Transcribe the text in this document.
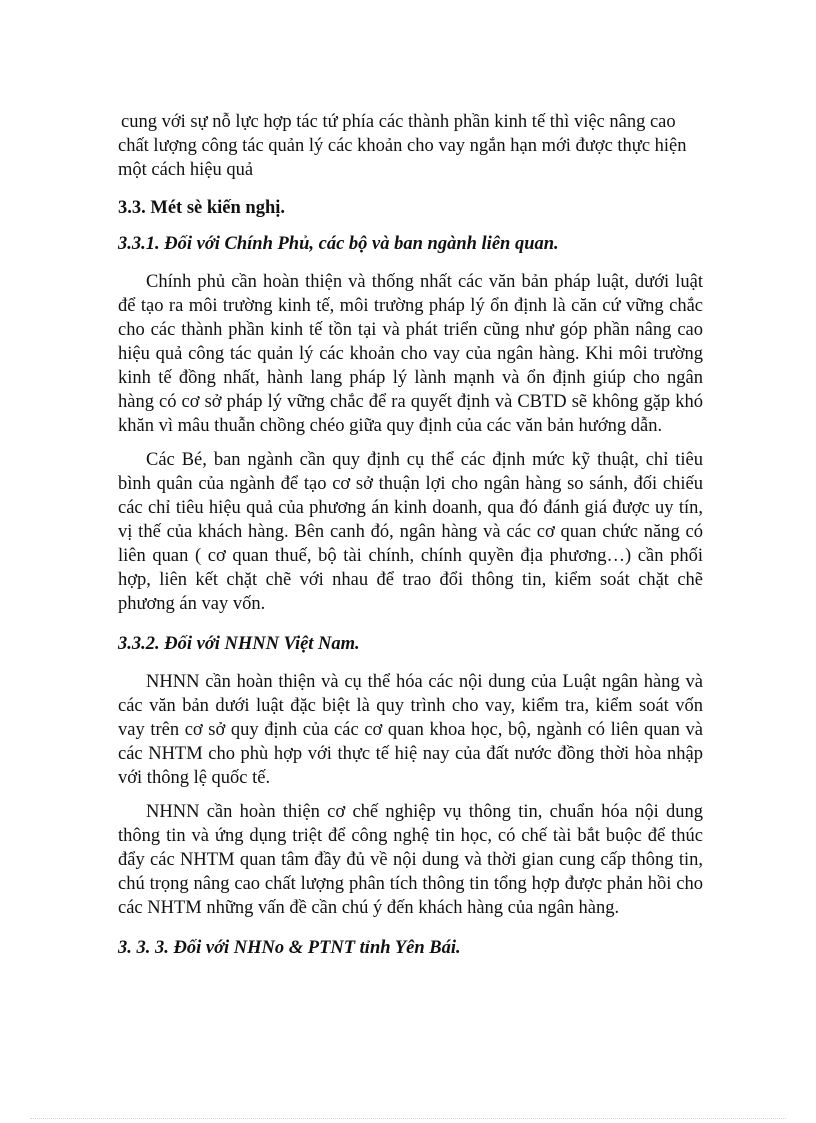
cung với sự nỗ lực hợp tác tứ phía các thành phần kinh tế thì việc nâng cao chất lượng công tác quản lý các khoản cho vay ngắn hạn mới được thực hiện một cách hiệu quả

3.3. Mét sè kiến nghị.
3.3.1. Đối với Chính Phủ, các bộ và ban ngành liên quan.

Chính phủ cần hoàn thiện và thống nhất các văn bản pháp luật, dưới luật để tạo ra môi trường kinh tế, môi trường pháp lý ổn định là căn cứ vững chắc cho các thành phần kinh tế tồn tại và phát triển cũng như góp phần nâng cao hiệu quả công tác quản lý các khoản cho vay của ngân hàng. Khi môi trường kinh tế đồng nhất, hành lang pháp lý lành mạnh và ổn định giúp cho ngân hàng có cơ sở pháp lý vững chắc để ra quyết định và CBTD sẽ không gặp khó khăn vì mâu thuẫn chồng chéo giữa quy định của các văn bản hướng dẫn.

Các Bé, ban ngành cần quy định cụ thể các định mức kỹ thuật, chỉ tiêu bình quân của ngành để tạo cơ sở thuận lợi cho ngân hàng so sánh, đối chiếu các chỉ tiêu hiệu quả của phương án kinh doanh, qua đó đánh giá được uy tín, vị thế của khách hàng. Bên canh đó, ngân hàng và các cơ quan chức năng có liên quan ( cơ quan thuế, bộ tài chính, chính quyền địa phương…) cần phối hợp, liên kết chặt chẽ với nhau để trao đổi thông tin, kiểm soát chặt chẽ phương án vay vốn.

3.3.2. Đối với NHNN Việt Nam.

NHNN cần hoàn thiện và cụ thể hóa các nội dung của Luật ngân hàng và các văn bản dưới luật đặc biệt là quy trình cho vay, kiểm tra, kiểm soát vốn vay trên cơ sở quy định của các cơ quan khoa học, bộ, ngành có liên quan và các NHTM cho phù hợp với thực tế hiệ nay của đất nước đồng thời hòa nhập với thông lệ quốc tế.

NHNN cần hoàn thiện cơ chế nghiệp vụ thông tin, chuẩn hóa nội dung thông tin và ứng dụng triệt để công nghệ tin học, có chế tài bắt buộc để thúc đẩy các NHTM quan tâm đầy đủ về nội dung và thời gian cung cấp thông tin, chú trọng nâng cao chất lượng phân tích thông tin tổng hợp được phản hồi cho các NHTM những vấn đề cần chú ý đến khách hàng của ngân hàng.

3. 3. 3. Đối với NHNo & PTNT tỉnh Yên Bái.
